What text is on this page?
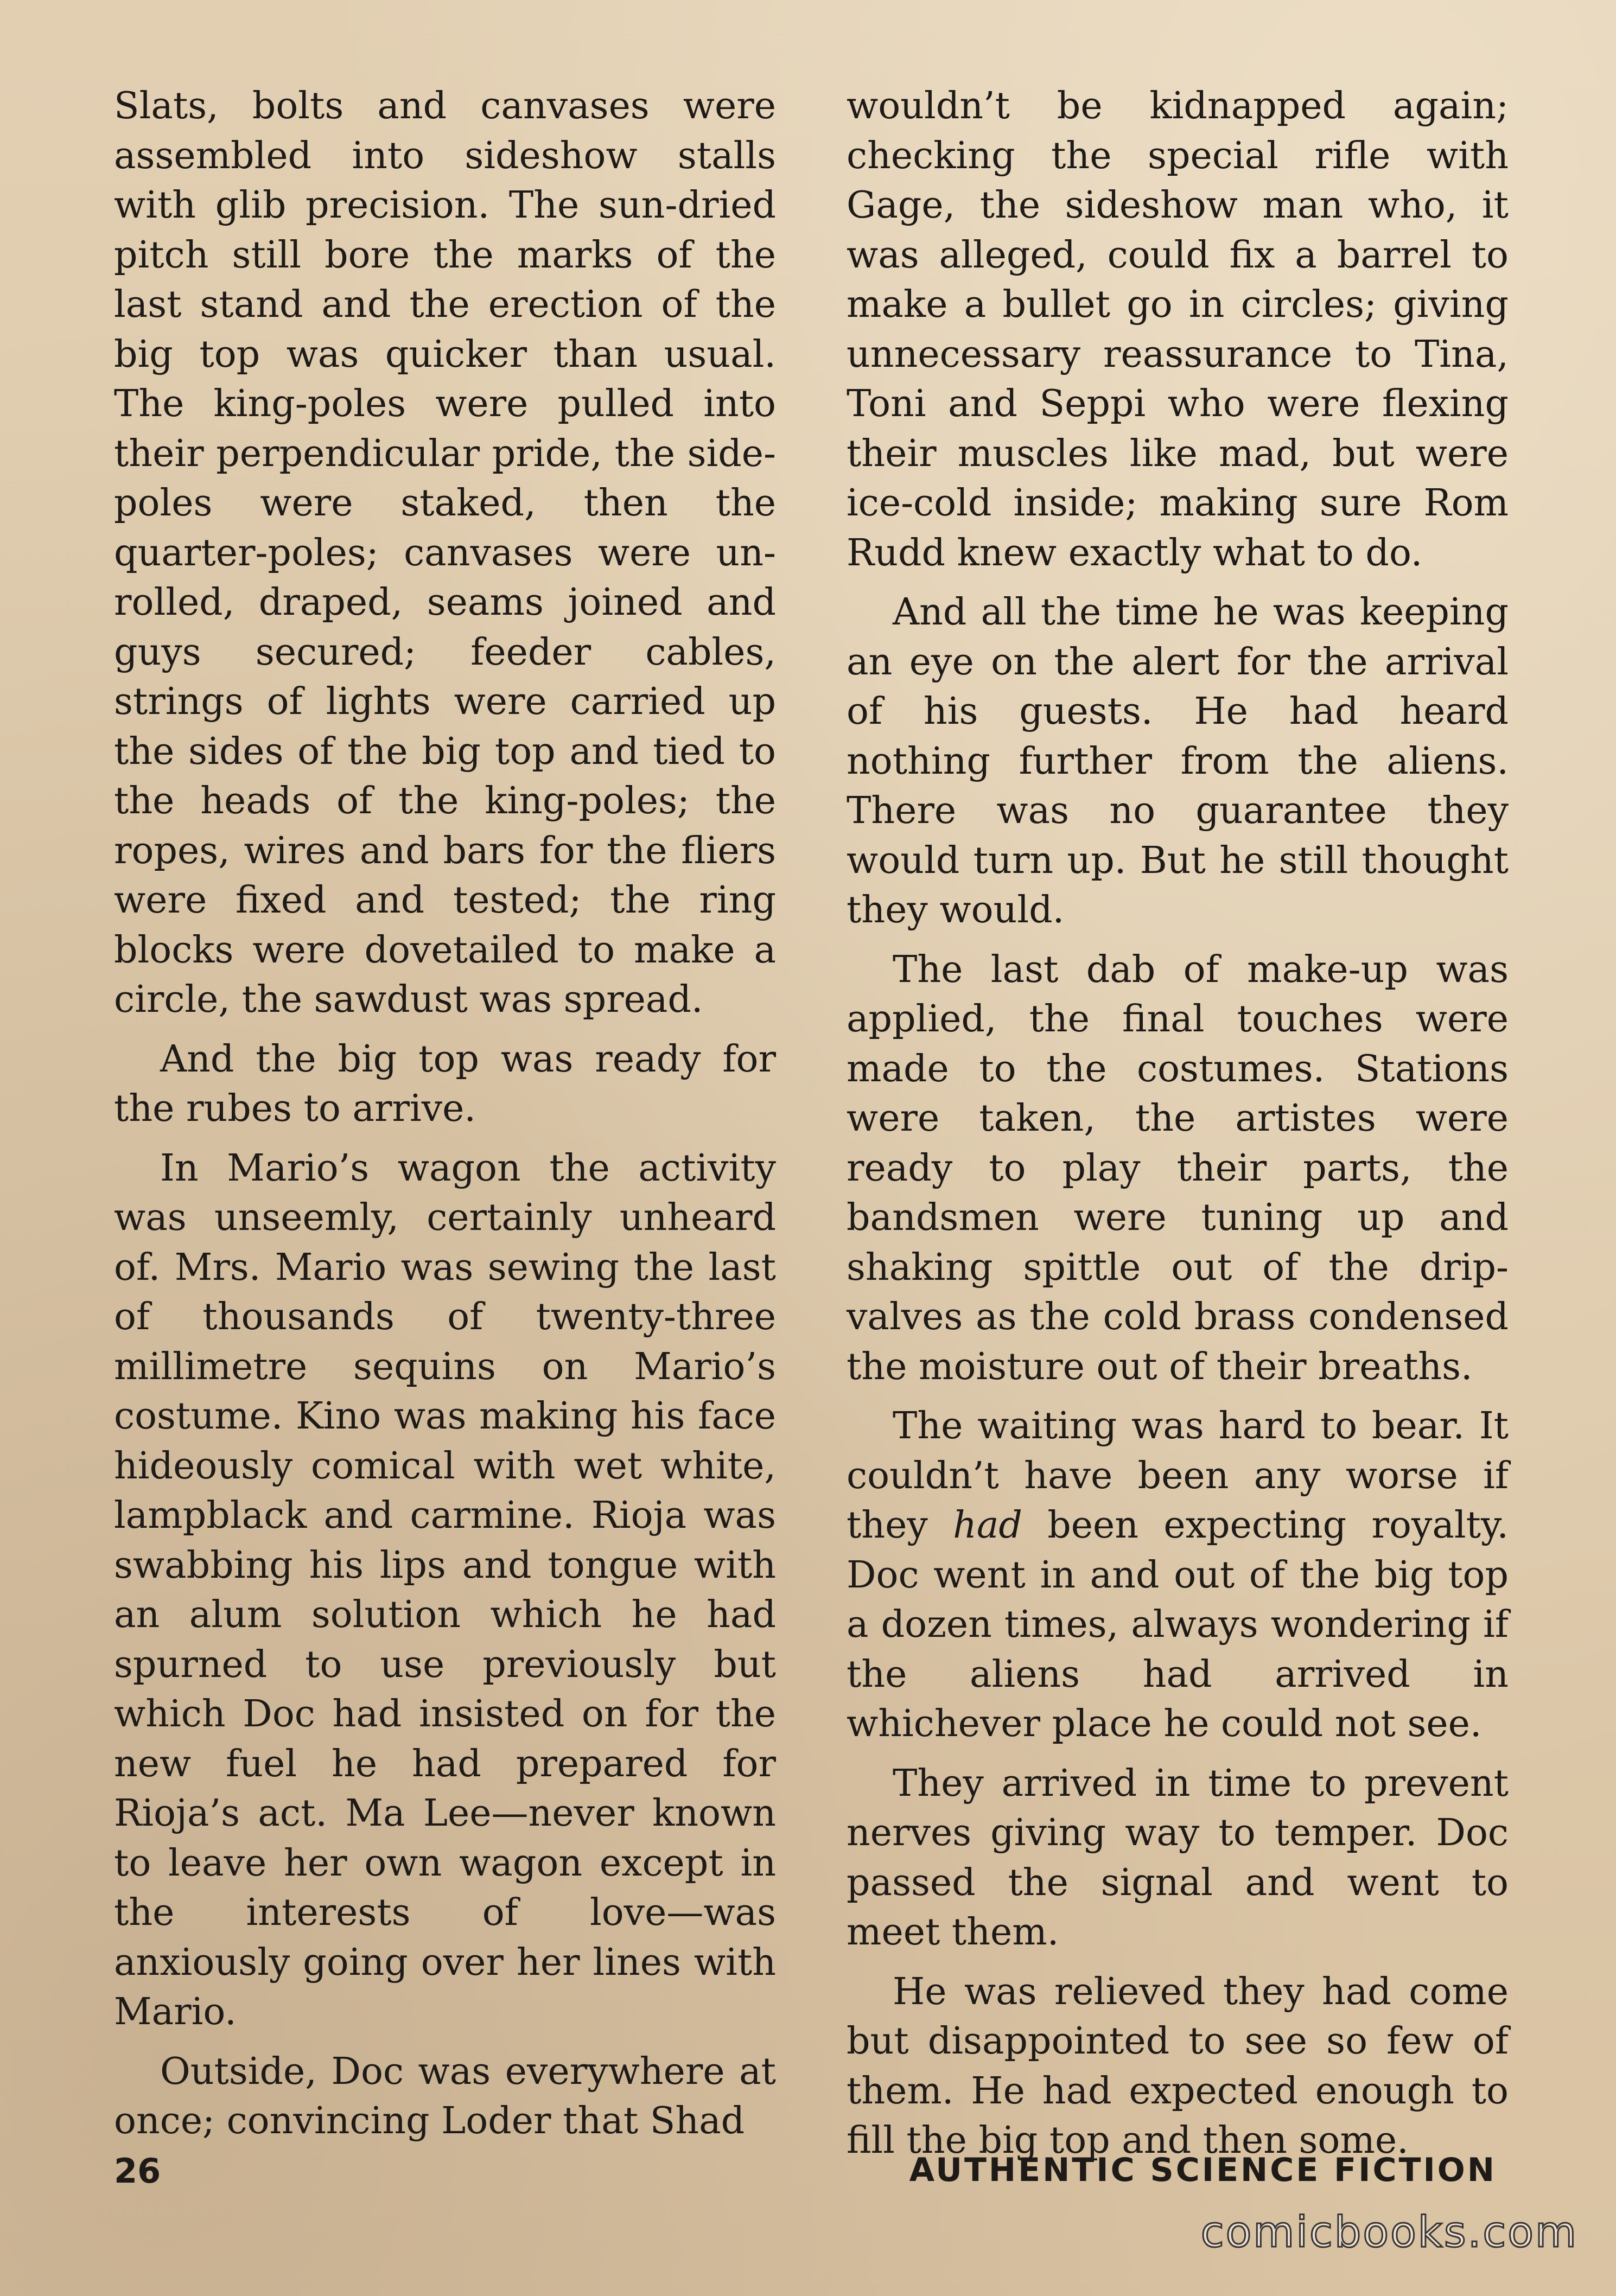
Slats, bolts and canvases were assembled into sideshow stalls with glib precision. The sun-dried pitch still bore the marks of the last stand and the erection of the big top was quicker than usual. The king-poles were pulled into their perpendicular pride, the side-poles were staked, then the quarter-poles; canvases were un-rolled, draped, seams joined and guys secured; feeder cables, strings of lights were carried up the sides of the big top and tied to the heads of the king-poles; the ropes, wires and bars for the fliers were fixed and tested; the ring blocks were dovetailed to make a circle, the sawdust was spread.

And the big top was ready for the rubes to arrive.

In Mario’s wagon the activity was unseemly, certainly unheard of. Mrs. Mario was sewing the last of thousands of twenty-three millimetre sequins on Mario’s costume. Kino was making his face hideously comical with wet white, lampblack and carmine. Rioja was swabbing his lips and tongue with an alum solution which he had spurned to use previously but which Doc had insisted on for the new fuel he had prepared for Rioja’s act. Ma Lee—never known to leave her own wagon except in the interests of love—was anxiously going over her lines with Mario.

Outside, Doc was everywhere at once; convincing Loder that Shad

wouldn’t be kidnapped again; checking the special rifle with Gage, the sideshow man who, it was alleged, could fix a barrel to make a bullet go in circles; giving unnecessary reassurance to Tina, Toni and Seppi who were flexing their muscles like mad, but were ice-cold inside; making sure Rom Rudd knew exactly what to do.

And all the time he was keeping an eye on the alert for the arrival of his guests. He had heard nothing further from the aliens. There was no guarantee they would turn up. But he still thought they would.

The last dab of make-up was applied, the final touches were made to the costumes. Stations were taken, the artistes were ready to play their parts, the bandsmen were tuning up and shaking spittle out of the drip-valves as the cold brass condensed the moisture out of their breaths.

The waiting was hard to bear. It couldn’t have been any worse if they had been expecting royalty. Doc went in and out of the big top a dozen times, always wondering if the aliens had arrived in whichever place he could not see.

They arrived in time to prevent nerves giving way to temper. Doc passed the signal and went to meet them.

He was relieved they had come but disappointed to see so few of them. He had expected enough to fill the big top and then some.

26	AUTHENTIC SCIENCE FICTION
comicbooks.com
